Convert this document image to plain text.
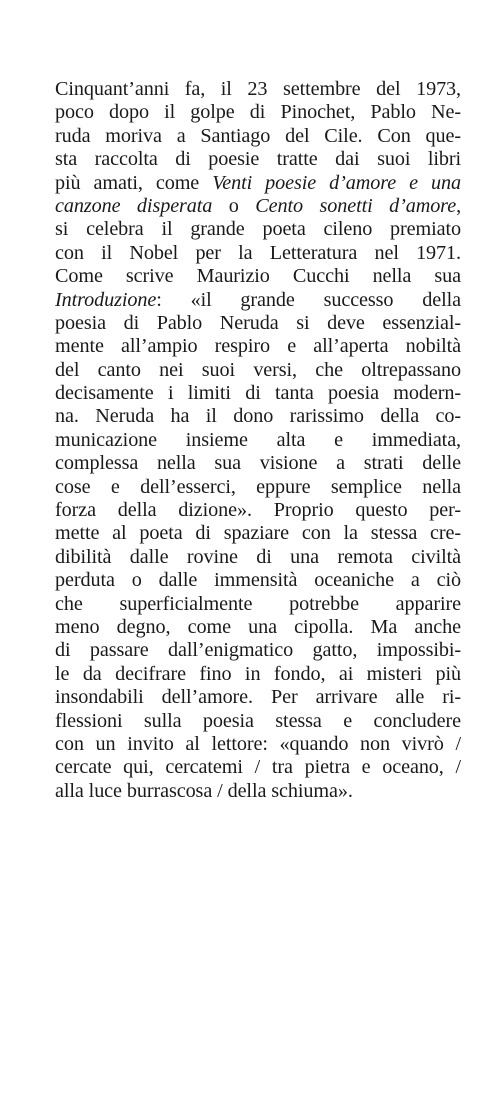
Cinquant’anni fa, il 23 settembre del 1973,
poco dopo il golpe di Pinochet, Pablo Ne-
ruda moriva a Santiago del Cile. Con que-
sta raccolta di poesie tratte dai suoi libri
più amati, come Venti poesie d’amore e una
canzone disperata o Cento sonetti d’amore,
si celebra il grande poeta cileno premiato
con il Nobel per la Letteratura nel 1971.
Come scrive Maurizio Cucchi nella sua
Introduzione: «il grande successo della
poesia di Pablo Neruda si deve essenzial-
mente all’ampio respiro e all’aperta nobiltà
del canto nei suoi versi, che oltrepassano
decisamente i limiti di tanta poesia modern-
na. Neruda ha il dono rarissimo della co-
municazione insieme alta e immediata,
complessa nella sua visione a strati delle
cose e dell’esserci, eppure semplice nella
forza della dizione». Proprio questo per-
mette al poeta di spaziare con la stessa cre-
dibilità dalle rovine di una remota civiltà
perduta o dalle immensità oceaniche a ciò
che superficialmente potrebbe apparire
meno degno, come una cipolla. Ma anche
di passare dall’enigmatico gatto, impossibi-
le da decifrare fino in fondo, ai misteri più
insondabili dell’amore. Per arrivare alle ri-
flessioni sulla poesia stessa e concludere
con un invito al lettore: «quando non vivrò /
cercate qui, cercatemi / tra pietra e oceano, /
alla luce burrascosa / della schiuma».
